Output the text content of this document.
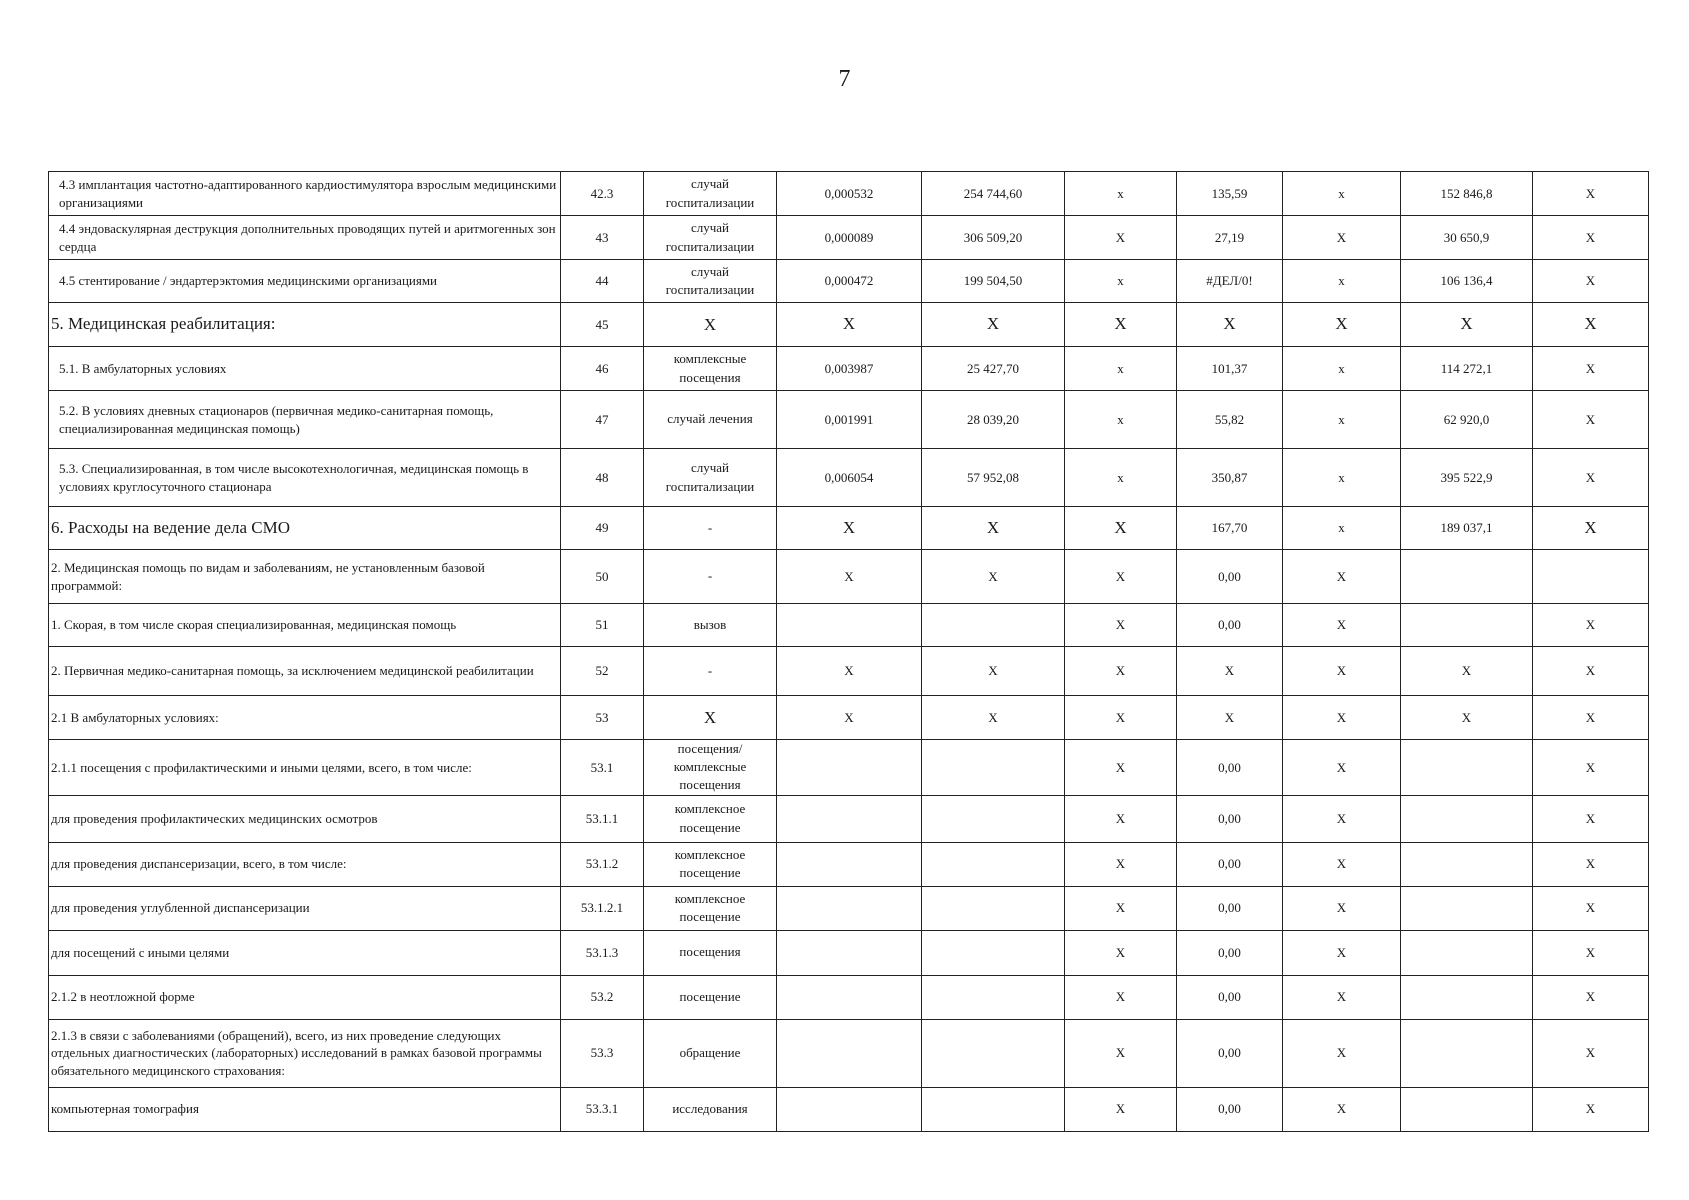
7
4.3 имплантация частотно-адаптированного кардиостимулятора взрослым медицинскими организациями	42.3	случай госпитализации	0,000532	254 744,60	x	135,59	x	152 846,8	X
4.4 эндоваскулярная деструкция дополнительных проводящих путей и аритмогенных зон сердца	43	случай госпитализации	0,000089	306 509,20	X	27,19	X	30 650,9	X
4.5 стентирование / эндартерэктомия медицинскими организациями	44	случай госпитализации	0,000472	199 504,50	x	#ДЕЛ/0!	x	106 136,4	X
5. Медицинская реабилитация:	45	X	X	X	X	X	X	X	X
5.1. В амбулаторных условиях	46	комплексные посещения	0,003987	25 427,70	x	101,37	x	114 272,1	X
5.2. В условиях дневных стационаров (первичная медико-санитарная помощь, специализированная медицинская помощь)	47	случай лечения	0,001991	28 039,20	x	55,82	x	62 920,0	X
5.3. Специализированная, в том числе высокотехнологичная, медицинская помощь в условиях круглосуточного стационара	48	случай госпитализации	0,006054	57 952,08	x	350,87	x	395 522,9	X
6. Расходы на ведение дела СМО	49	-	X	X	X	167,70	x	189 037,1	X
2. Медицинская помощь по видам и заболеваниям, не установленным базовой программой:	50	-	X	X	X	0,00	X		
1. Скорая, в том числе скорая специализированная, медицинская помощь	51	вызов			X	0,00	X		X
2. Первичная медико-санитарная помощь, за исключением медицинской реабилитации	52	-	X	X	X	X	X	X	X
2.1 В амбулаторных условиях:	53	X	X	X	X	X	X	X	X
2.1.1 посещения с профилактическими и иными целями, всего, в том числе:	53.1	посещения/комплексные посещения			X	0,00	X		X
для проведения профилактических медицинских осмотров	53.1.1	комплексное посещение			X	0,00	X		X
для проведения диспансеризации, всего, в том числе:	53.1.2	комплексное посещение			X	0,00	X		X
для проведения углубленной диспансеризации	53.1.2.1	комплексное посещение			X	0,00	X		X
для посещений с иными целями	53.1.3	посещения			X	0,00	X		X
2.1.2 в неотложной форме	53.2	посещение			X	0,00	X		X
2.1.3 в связи с заболеваниями (обращений), всего, из них проведение следующих отдельных диагностических (лабораторных) исследований в рамках базовой программы обязательного медицинского страхования:	53.3	обращение			X	0,00	X		X
компьютерная томография	53.3.1	исследования			X	0,00	X		X
